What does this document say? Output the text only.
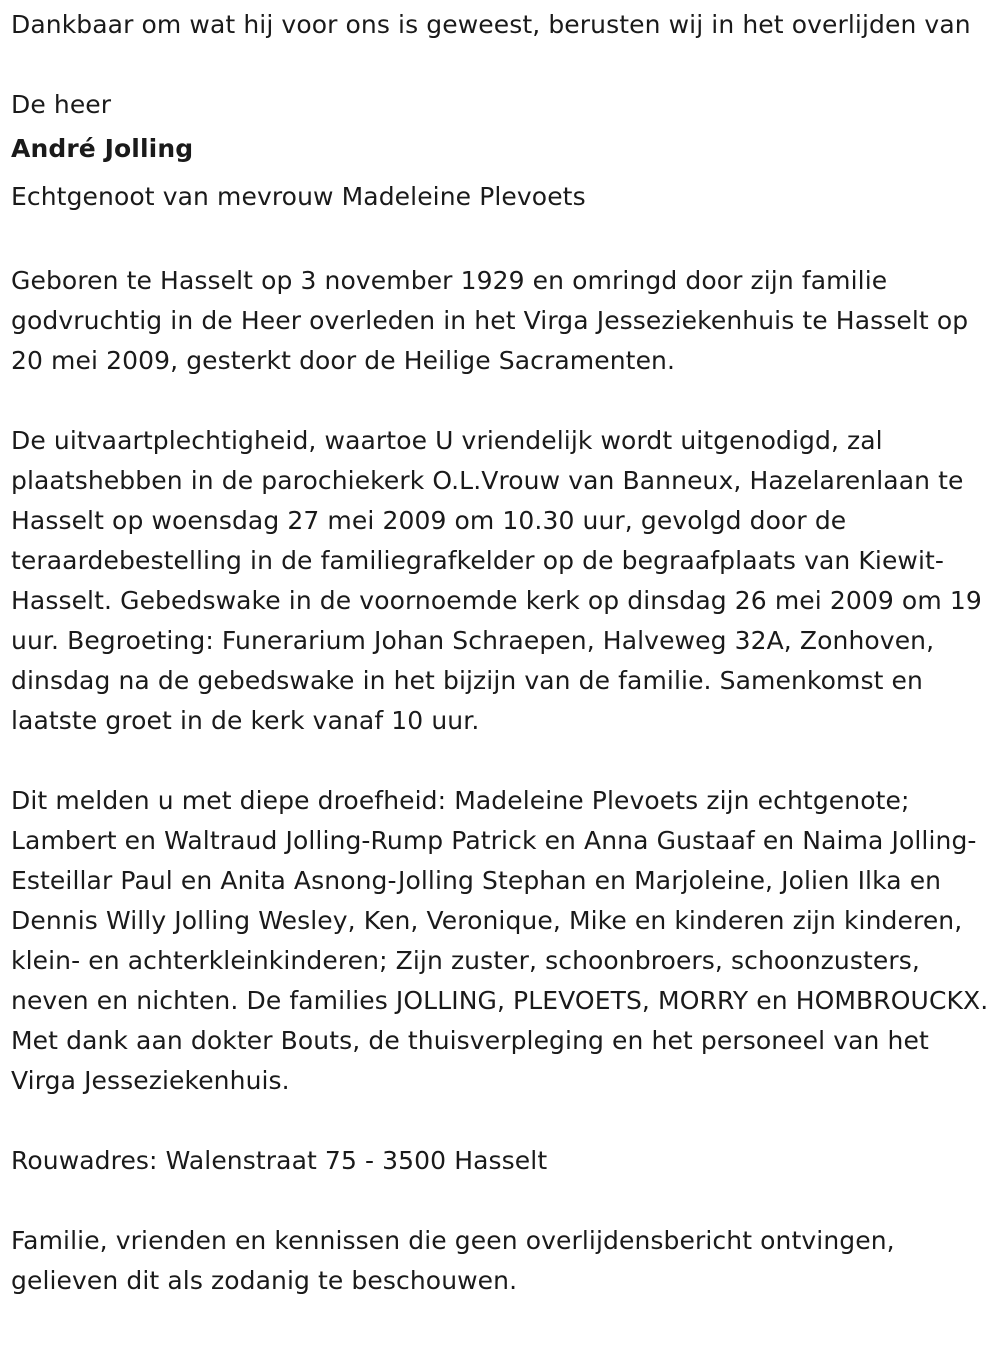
Dankbaar om wat hij voor ons is geweest, berusten wij in het overlijden van

De heer

André Jolling

Echtgenoot van mevrouw Madeleine Plevoets

Geboren te Hasselt op 3 november 1929 en omringd door zijn familie godvruchtig in de Heer overleden in het Virga Jesseziekenhuis te Hasselt op 20 mei 2009, gesterkt door de Heilige Sacramenten.

De uitvaartplechtigheid, waartoe U vriendelijk wordt uitgenodigd, zal plaatshebben in de parochiekerk O.L.Vrouw van Banneux, Hazelarenlaan te Hasselt op woensdag 27 mei 2009 om 10.30 uur, gevolgd door de teraardebestelling in de familiegrafkelder op de begraafplaats van Kiewit-Hasselt. Gebedswake in de voornoemde kerk op dinsdag 26 mei 2009 om 19 uur. Begroeting: Funerarium Johan Schraepen, Halveweg 32A, Zonhoven, dinsdag na de gebedswake in het bijzijn van de familie. Samenkomst en laatste groet in de kerk vanaf 10 uur.

Dit melden u met diepe droefheid: Madeleine Plevoets zijn echtgenote; Lambert en Waltraud Jolling-Rump Patrick en Anna Gustaaf en Naima Jolling-Esteillar Paul en Anita Asnong-Jolling Stephan en Marjoleine, Jolien Ilka en Dennis Willy Jolling Wesley, Ken, Veronique, Mike en kinderen zijn kinderen, klein- en achterkleinkinderen; Zijn zuster, schoonbroers, schoonzusters, neven en nichten. De families JOLLING, PLEVOETS, MORRY en HOMBROUCKX. Met dank aan dokter Bouts, de thuisverpleging en het personeel van het Virga Jesseziekenhuis.

Rouwadres: Walenstraat 75 - 3500 Hasselt

Familie, vrienden en kennissen die geen overlijdensbericht ontvingen, gelieven dit als zodanig te beschouwen.
